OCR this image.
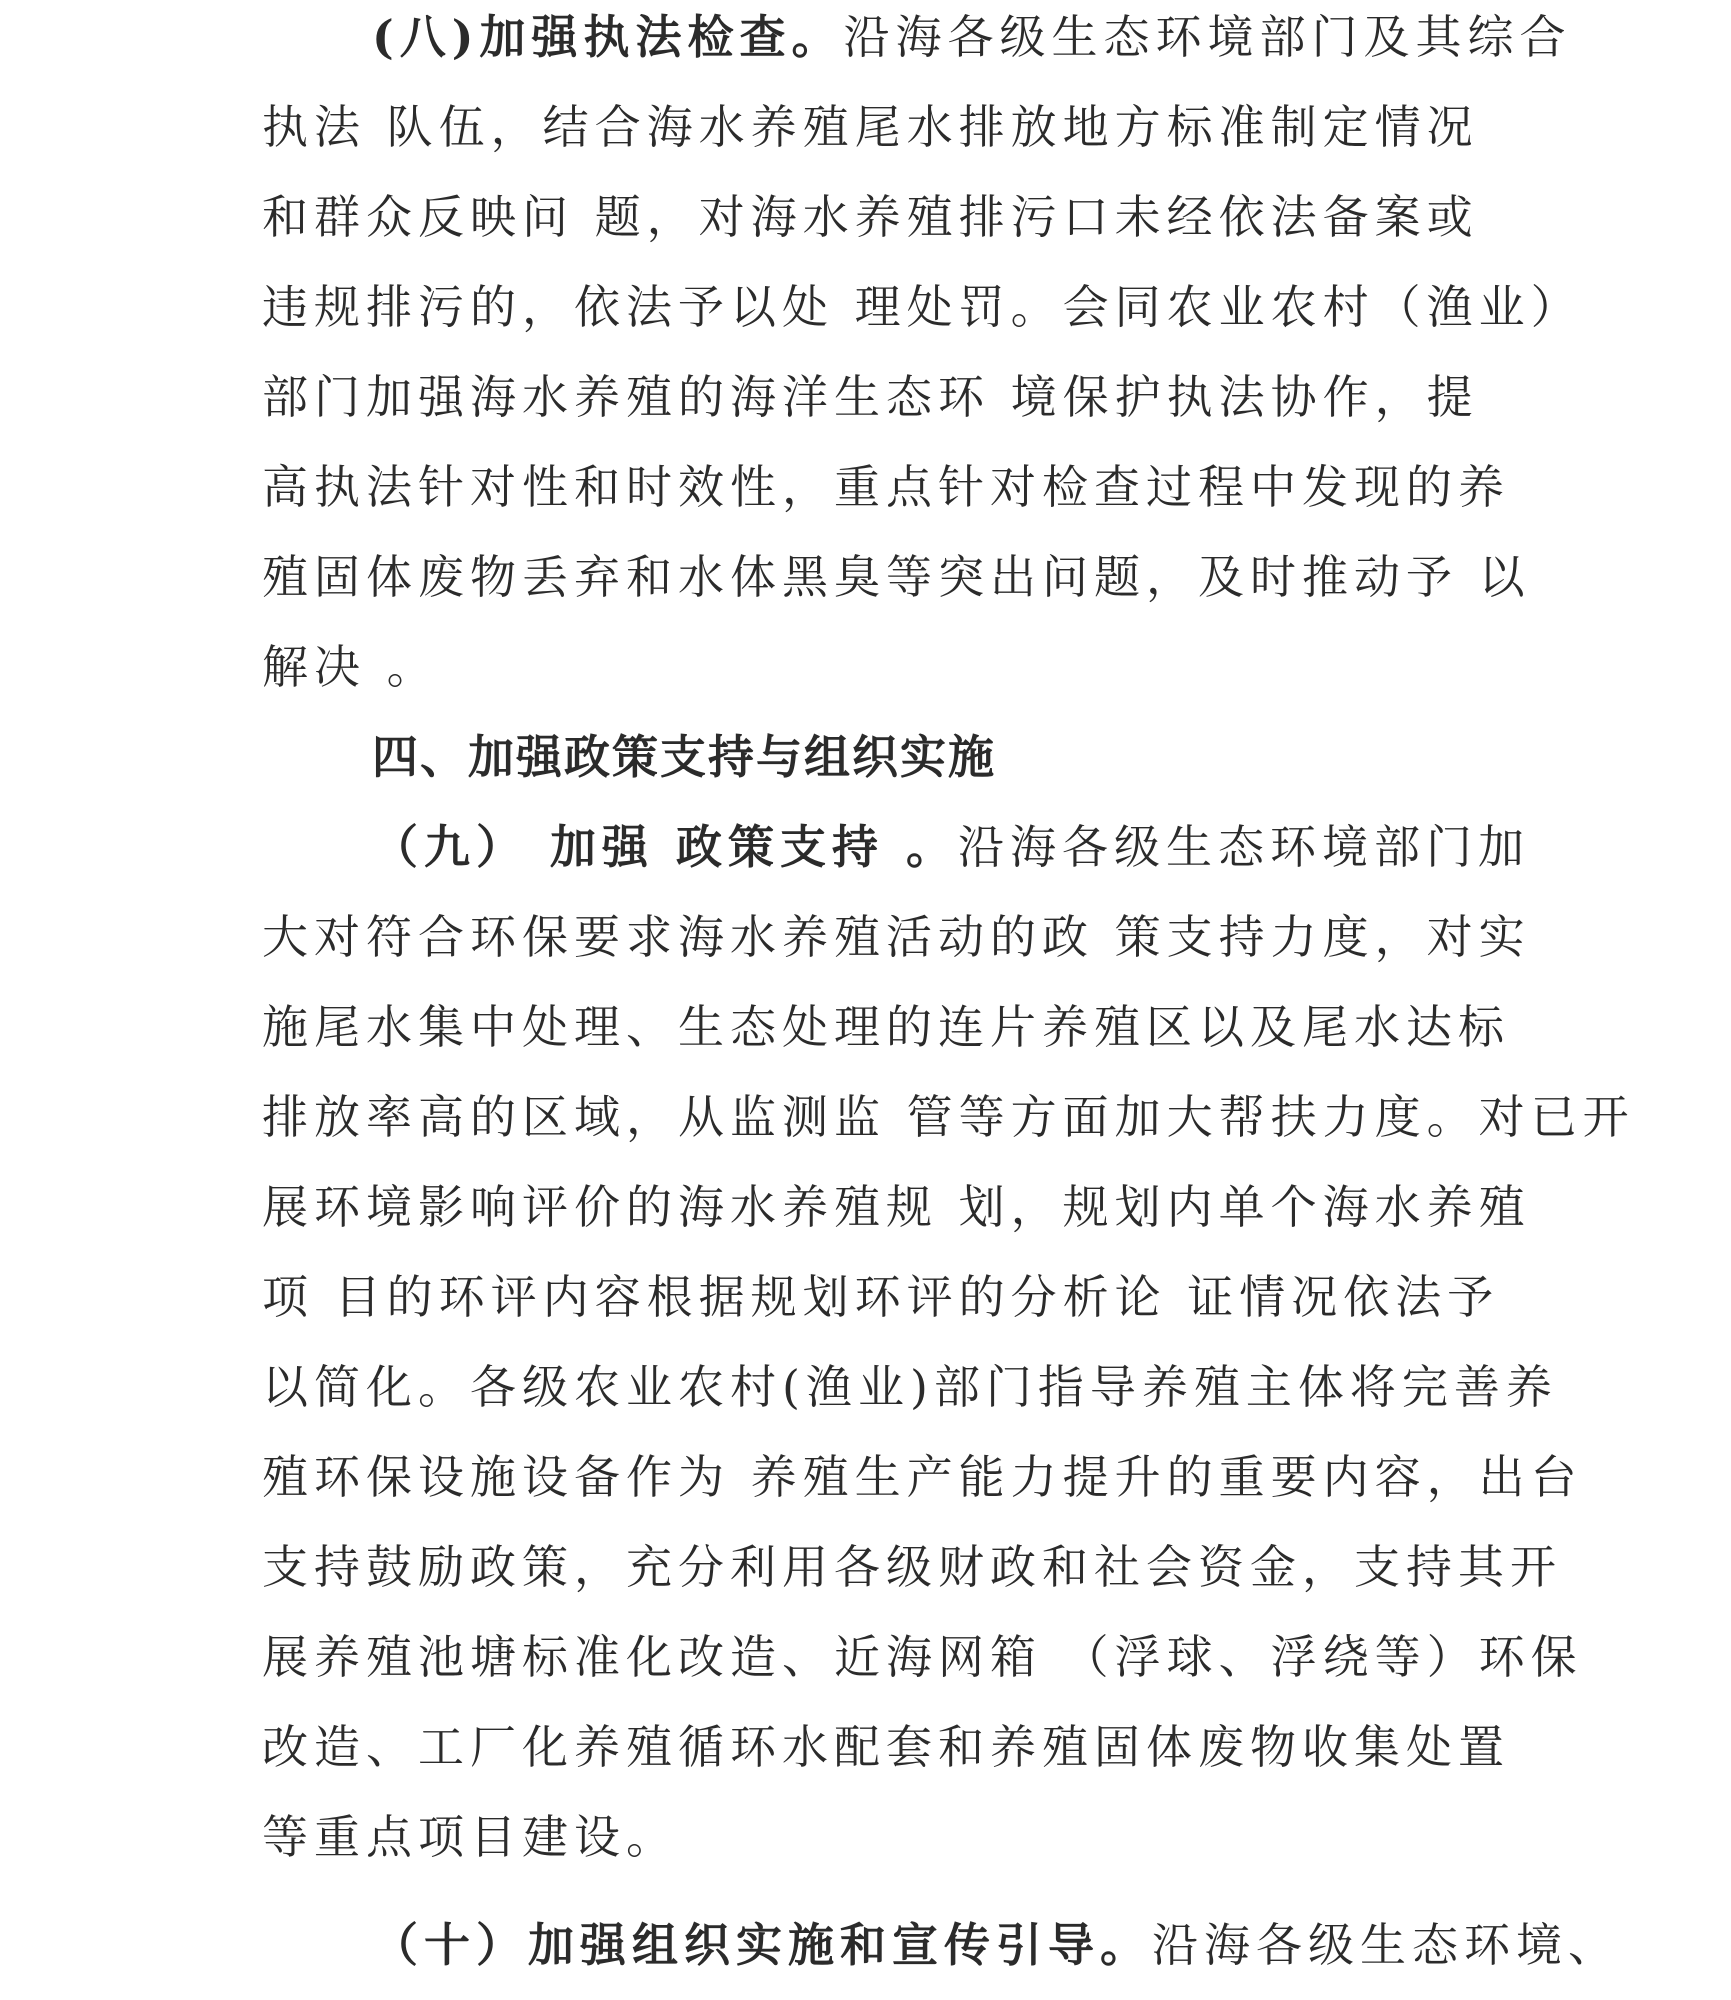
(八)加强执法检查。沿海各级生态环境部门及其综合
执法 队伍，结合海水养殖尾水排放地方标准制定情况
和群众反映问 题，对海水养殖排污口未经依法备案或
违规排污的，依法予以处 理处罚。会同农业农村（渔业）
部门加强海水养殖的海洋生态环 境保护执法协作，提
高执法针对性和时效性，重点针对检查过程中发现的养
殖固体废物丢弃和水体黑臭等突出问题，及时推动予 以
解决 。
四、加强政策支持与组织实施
（九） 加强 政策支持 。沿海各级生态环境部门加
大对符合环保要求海水养殖活动的政 策支持力度，对实
施尾水集中处理、生态处理的连片养殖区以及尾水达标
排放率高的区域，从监测监 管等方面加大帮扶力度。对已开
展环境影响评价的海水养殖规 划，规划内单个海水养殖
项 目的环评内容根据规划环评的分析论 证情况依法予
以简化。各级农业农村(渔业)部门指导养殖主体将完善养
殖环保设施设备作为 养殖生产能力提升的重要内容，出台
支持鼓励政策，充分利用各级财政和社会资金，支持其开
展养殖池塘标准化改造、近海网箱 （浮球、浮绕等）环保
改造、工厂化养殖循环水配套和养殖固体废物收集处置
等重点项目建设。
（十）加强组织实施和宣传引导。沿海各级生态环境、
